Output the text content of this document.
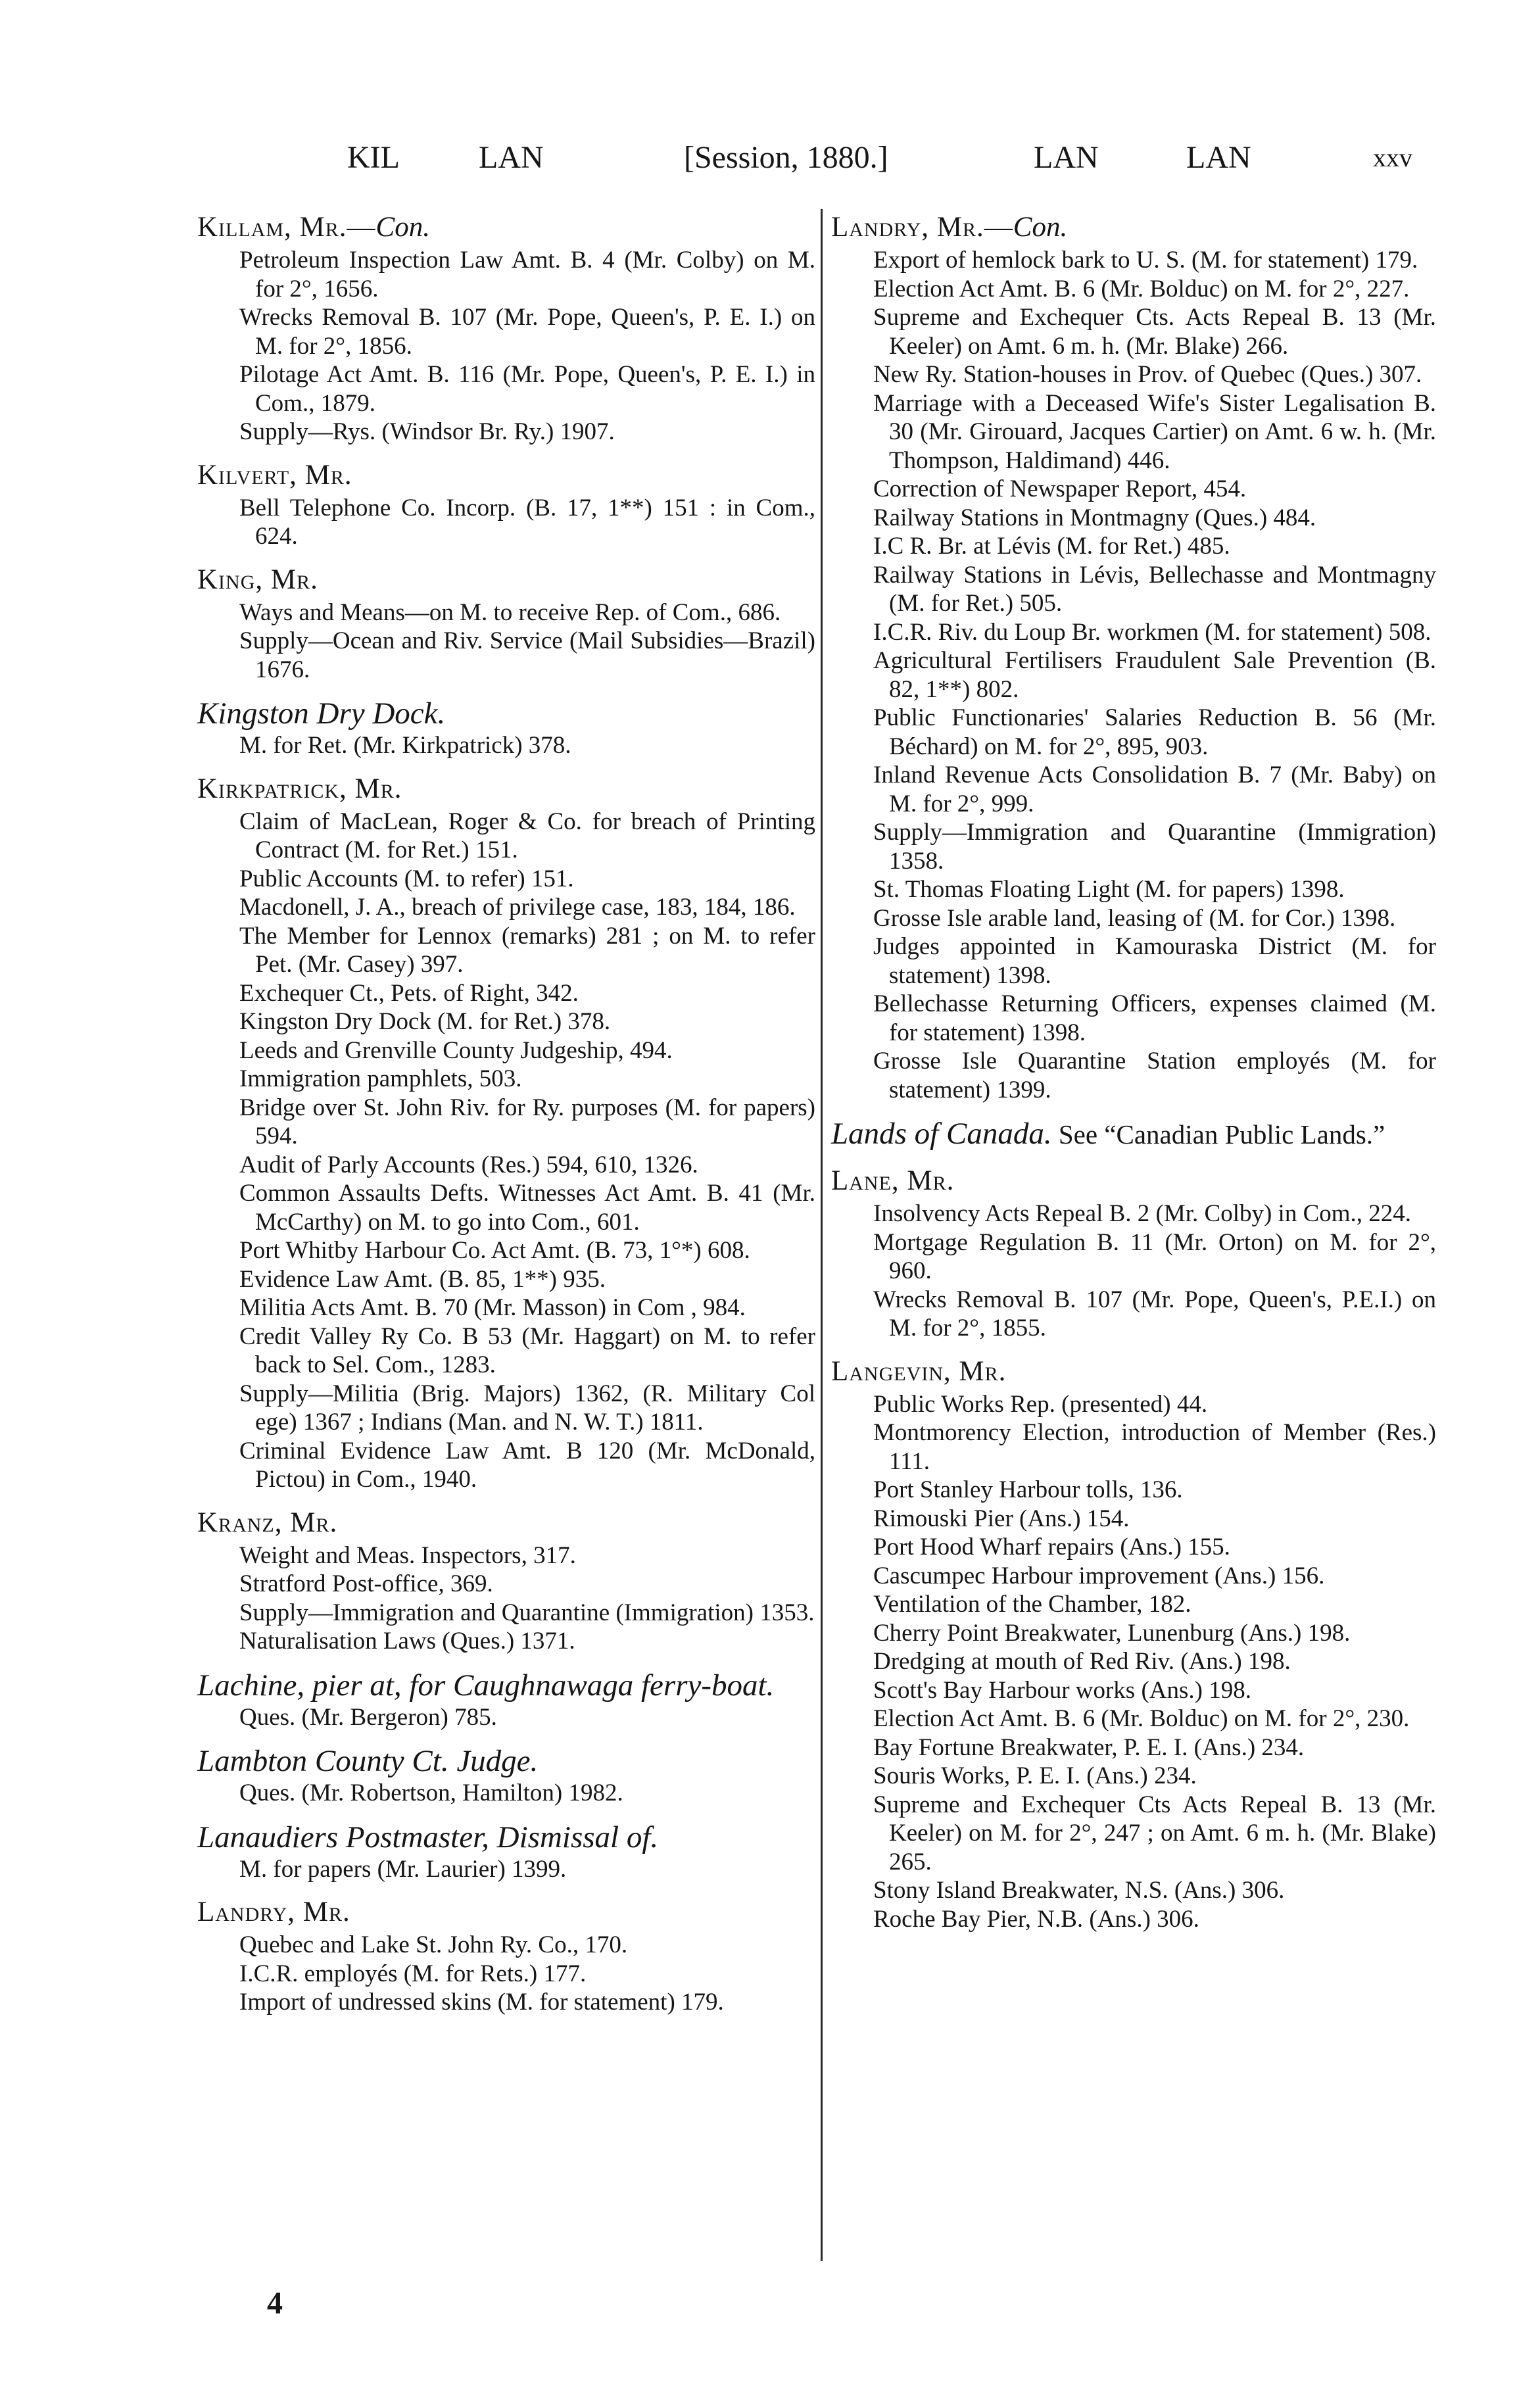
KIL	LAN	[Session, 1880.]	LAN	LAN	xxv
Killam, Mr.—Con.
Petroleum Inspection Law Amt. B. 4 (Mr. Colby) on M. for 2°, 1656.
Wrecks Removal B. 107 (Mr. Pope, Queen's, P. E. I.) on M. for 2°, 1856.
Pilotage Act Amt. B. 116 (Mr. Pope, Queen's, P. E. I.) in Com., 1879.
Supply—Rys. (Windsor Br. Ry.) 1907.
Kilvert, Mr.
Bell Telephone Co. Incorp. (B. 17, 1**) 151 : in Com., 624.
King, Mr.
Ways and Means—on M. to receive Rep. of Com., 686.
Supply—Ocean and Riv. Service (Mail Subsidies—Brazil) 1676.
Kingston Dry Dock.
M. for Ret. (Mr. Kirkpatrick) 378.
Kirkpatrick, Mr.
Claim of MacLean, Roger & Co. for breach of Printing Contract (M. for Ret.) 151.
Public Accounts (M. to refer) 151.
Macdonell, J. A., breach of privilege case, 183, 184, 186.
The Member for Lennox (remarks) 281 ; on M. to refer Pet. (Mr. Casey) 397.
Exchequer Ct., Pets. of Right, 342.
Kingston Dry Dock (M. for Ret.) 378.
Leeds and Grenville County Judgeship, 494.
Immigration pamphlets, 503.
Bridge over St. John Riv. for Ry. purposes (M. for papers) 594.
Audit of Parly Accounts (Res.) 594, 610, 1326.
Common Assaults Defts. Witnesses Act Amt. B. 41 (Mr. McCarthy) on M. to go into Com., 601.
Port Whitby Harbour Co. Act Amt. (B. 73, 1°*) 608.
Evidence Law Amt. (B. 85, 1**) 935.
Militia Acts Amt. B. 70 (Mr. Masson) in Com , 984.
Credit Valley Ry Co. B 53 (Mr. Haggart) on M. to refer back to Sel. Com., 1283.
Supply—Militia (Brig. Majors) 1362, (R. Military Col ege) 1367 ; Indians (Man. and N. W. T.) 1811.
Criminal Evidence Law Amt. B 120 (Mr. McDonald, Pictou) in Com., 1940.
Kranz, Mr.
Weight and Meas. Inspectors, 317.
Stratford Post-office, 369.
Supply—Immigration and Quarantine (Immigration) 1353.
Naturalisation Laws (Ques.) 1371.
Lachine, pier at, for Caughnawaga ferry-boat.
Ques. (Mr. Bergeron) 785.
Lambton County Ct. Judge.
Ques. (Mr. Robertson, Hamilton) 1982.
Lanaudiers Postmaster, Dismissal of.
M. for papers (Mr. Laurier) 1399.
Landry, Mr.
Quebec and Lake St. John Ry. Co., 170.
I.C.R. employés (M. for Rets.) 177.
Import of undressed skins (M. for statement) 179.
Landry, Mr.—Con.
Export of hemlock bark to U. S. (M. for statement) 179.
Election Act Amt. B. 6 (Mr. Bolduc) on M. for 2°, 227.
Supreme and Exchequer Cts. Acts Repeal B. 13 (Mr. Keeler) on Amt. 6 m. h. (Mr. Blake) 266.
New Ry. Station-houses in Prov. of Quebec (Ques.) 307.
Marriage with a Deceased Wife's Sister Legalisation B. 30 (Mr. Girouard, Jacques Cartier) on Amt. 6 w. h. (Mr. Thompson, Haldimand) 446.
Correction of Newspaper Report, 454.
Railway Stations in Montmagny (Ques.) 484.
I.C R. Br. at Lévis (M. for Ret.) 485.
Railway Stations in Lévis, Bellechasse and Montmagny (M. for Ret.) 505.
I.C.R. Riv. du Loup Br. workmen (M. for statement) 508.
Agricultural Fertilisers Fraudulent Sale Prevention (B. 82, 1**) 802.
Public Functionaries' Salaries Reduction B. 56 (Mr. Béchard) on M. for 2°, 895, 903.
Inland Revenue Acts Consolidation B. 7 (Mr. Baby) on M. for 2°, 999.
Supply—Immigration and Quarantine (Immigration) 1358.
St. Thomas Floating Light (M. for papers) 1398.
Grosse Isle arable land, leasing of (M. for Cor.) 1398.
Judges appointed in Kamouraska District (M. for statement) 1398.
Bellechasse Returning Officers, expenses claimed (M. for statement) 1398.
Grosse Isle Quarantine Station employés (M. for statement) 1399.
Lands of Canada. See “Canadian Public Lands.”
Lane, Mr.
Insolvency Acts Repeal B. 2 (Mr. Colby) in Com., 224.
Mortgage Regulation B. 11 (Mr. Orton) on M. for 2°, 960.
Wrecks Removal B. 107 (Mr. Pope, Queen's, P.E.I.) on M. for 2°, 1855.
Langevin, Mr.
Public Works Rep. (presented) 44.
Montmorency Election, introduction of Member (Res.) 111.
Port Stanley Harbour tolls, 136.
Rimouski Pier (Ans.) 154.
Port Hood Wharf repairs (Ans.) 155.
Cascumpec Harbour improvement (Ans.) 156.
Ventilation of the Chamber, 182.
Cherry Point Breakwater, Lunenburg (Ans.) 198.
Dredging at mouth of Red Riv. (Ans.) 198.
Scott's Bay Harbour works (Ans.) 198.
Election Act Amt. B. 6 (Mr. Bolduc) on M. for 2°, 230.
Bay Fortune Breakwater, P. E. I. (Ans.) 234.
Souris Works, P. E. I. (Ans.) 234.
Supreme and Exchequer Cts Acts Repeal B. 13 (Mr. Keeler) on M. for 2°, 247 ; on Amt. 6 m. h. (Mr. Blake) 265.
Stony Island Breakwater, N.S. (Ans.) 306.
Roche Bay Pier, N.B. (Ans.) 306.
4
